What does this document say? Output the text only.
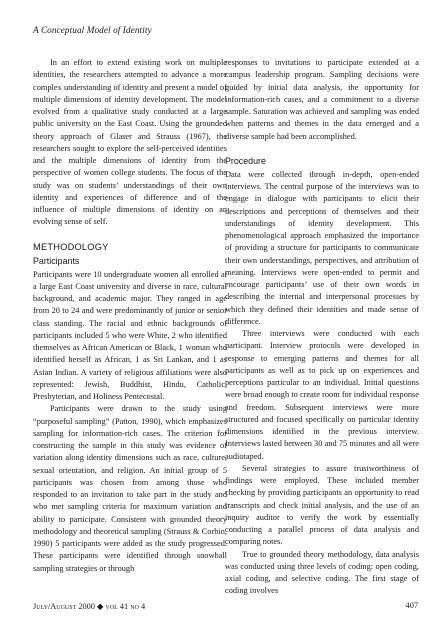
A Conceptual Model of Identity

In an effort to extend existing work on multiple identities, the researchers attempted to advance a more complex understanding of identity and present a model of multiple dimensions of identity development. The model evolved from a qualitative study conducted at a large public university on the East Coast. Using the grounded theory approach of Glaser and Strauss (1967), the researchers sought to explore the self-perceived identities and the multiple dimensions of identity from the perspective of women college students. The focus of the study was on students’ understandings of their own identity and experiences of difference and of the influence of multiple dimensions of identity on an evolving sense of self.

METHODOLOGY
Participants

Participants were 10 undergraduate women all enrolled at a large East Coast university and diverse in race, cultural background, and academic major. They ranged in age from 20 to 24 and were predominantly of junior or senior class standing. The racial and ethnic backgrounds of participants included 5 who were White, 2 who identified themselves as African American or Black, 1 woman who identified herself as African, 1 as Sri Lankan, and 1 as Asian Indian. A variety of religious affiliations were also represented: Jewish, Buddhist, Hindu, Catholic, Presbyterian, and Holiness Pentecostal.

Participants were drawn to the study using “purposeful sampling” (Patton, 1990), which emphasizes sampling for information-rich cases. The criterion for constructing the sample in this study was evidence of variation along identity dimensions such as race, culture, sexual orientation, and religion. An initial group of 5 participants was chosen from among those who responded to an invitation to take part in the study and who met sampling criteria for maximum variation and ability to participate. Consistent with grounded theory methodology and theoretical sampling (Strauss & Corbin, 1990) 5 participants were added as the study progressed. These participants were identified through snowball sampling strategies or through

responses to invitations to participate extended at a campus leadership program. Sampling decisions were guided by initial data analysis, the opportunity for information-rich cases, and a commitment to a diverse sample. Saturation was achieved and sampling was ended when patterns and themes in the data emerged and a diverse sample had been accomplished.

Procedure

Data were collected through in-depth, open-ended interviews. The central purpose of the interviews was to engage in dialogue with participants to elicit their descriptions and perceptions of themselves and their understandings of identity development. This phenomenological approach emphasized the importance of providing a structure for participants to communicate their own understandings, perspectives, and attribution of meaning. Interviews were open-ended to permit and encourage participants’ use of their own words in describing the internal and interpersonal processes by which they defined their identities and made sense of difference.

Three interviews were conducted with each participant. Interview protocols were developed in response to emerging patterns and themes for all participants as well as to pick up on experiences and perceptions particular to an individual. Initial questions were broad enough to create room for individual response and freedom. Subsequent interviews were more structured and focused specifically on particular identity dimensions identified in the previous interview. Interviews lasted between 30 and 75 minutes and all were audiotaped.

Several strategies to assure trustworthiness of findings were employed. These included member checking by providing participants an opportunity to read transcripts and check initial analysis, and the use of an inquiry auditor to verify the work by essentially conducting a parallel process of data analysis and comparing notes.

True to grounded theory methodology, data analysis was conducted using three levels of coding: open coding, axial coding, and selective coding. The first stage of coding involves

July/August 2000 ◆ vol 41 no 4	407
